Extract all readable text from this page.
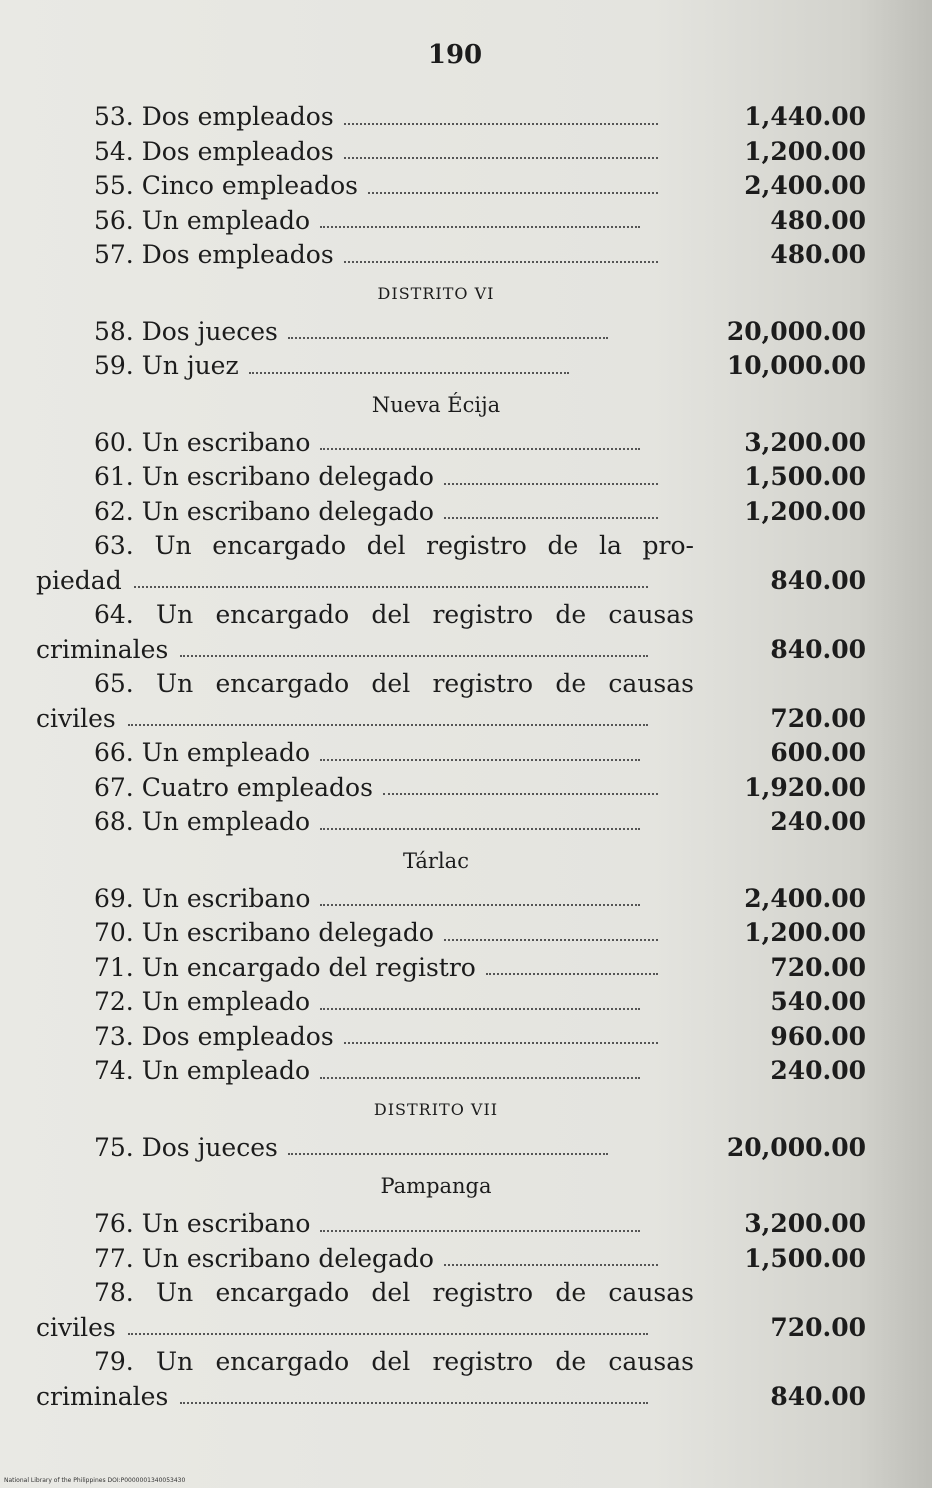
190
53. Dos empleados	1,440.00
54. Dos empleados	1,200.00
55. Cinco empleados	2,400.00
56. Un empleado	480.00
57. Dos empleados	480.00
DISTRITO VI
58. Dos jueces	20,000.00
59. Un juez	10,000.00
Nueva Écija
60. Un escribano	3,200.00
61. Un escribano delegado	1,500.00
62. Un escribano delegado	1,200.00
63. Un encargado del registro de la pro-
piedad	840.00
64. Un encargado del registro de causas
criminales	840.00
65. Un encargado del registro de causas
civiles	720.00
66. Un empleado	600.00
67. Cuatro empleados	1,920.00
68. Un empleado	240.00
Tárlac
69. Un escribano	2,400.00
70. Un escribano delegado	1,200.00
71. Un encargado del registro	720.00
72. Un empleado	540.00
73. Dos empleados	960.00
74. Un empleado	240.00
DISTRITO VII
75. Dos jueces	20,000.00
Pampanga
76. Un escribano	3,200.00
77. Un escribano delegado	1,500.00
78. Un encargado del registro de causas
civiles	720.00
79. Un encargado del registro de causas
criminales	840.00
National Library of the Philippines DOI:P0000001340053430
